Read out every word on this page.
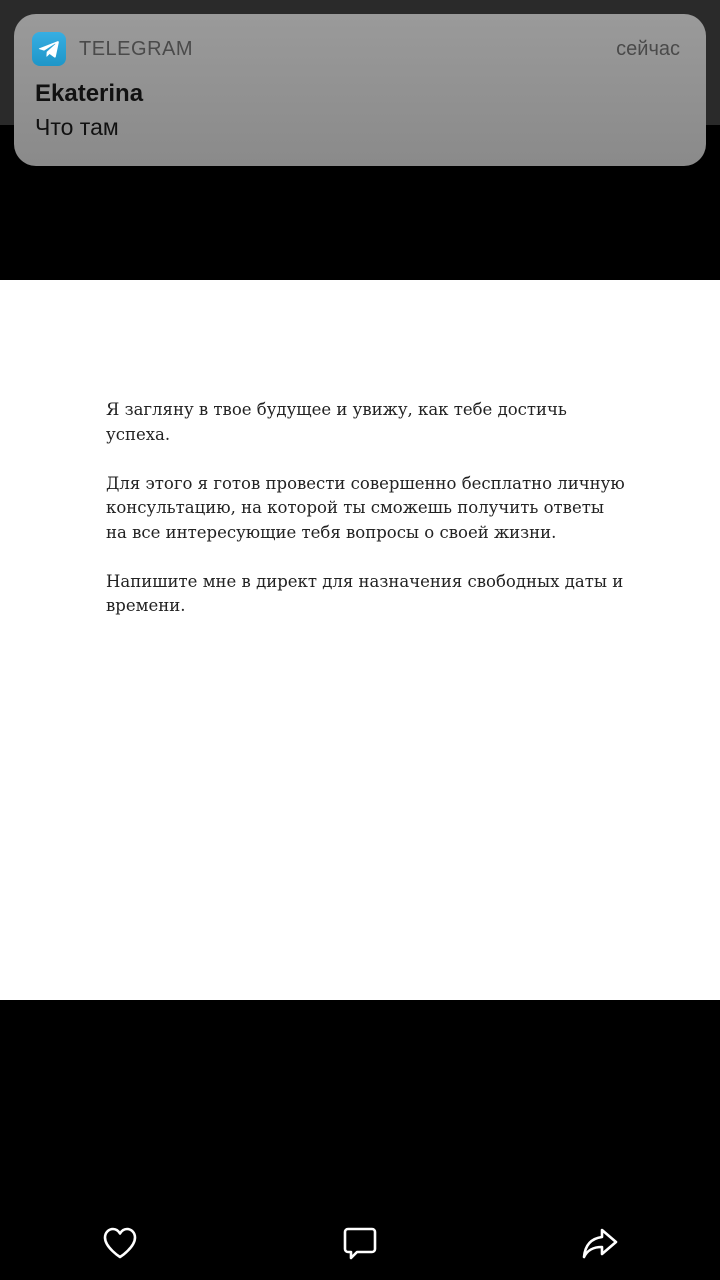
TELEGRAM	сейчас
Ekaterina
Что там

Я загляну в твое будущее и увижу, как тебе достичь успеха.

Для этого я готов провести совершенно бесплатно личную консультацию, на которой ты сможешь получить ответы на все интересующие тебя вопросы о своей жизни.

Напишите мне в директ для назначения свободных даты и времени.
